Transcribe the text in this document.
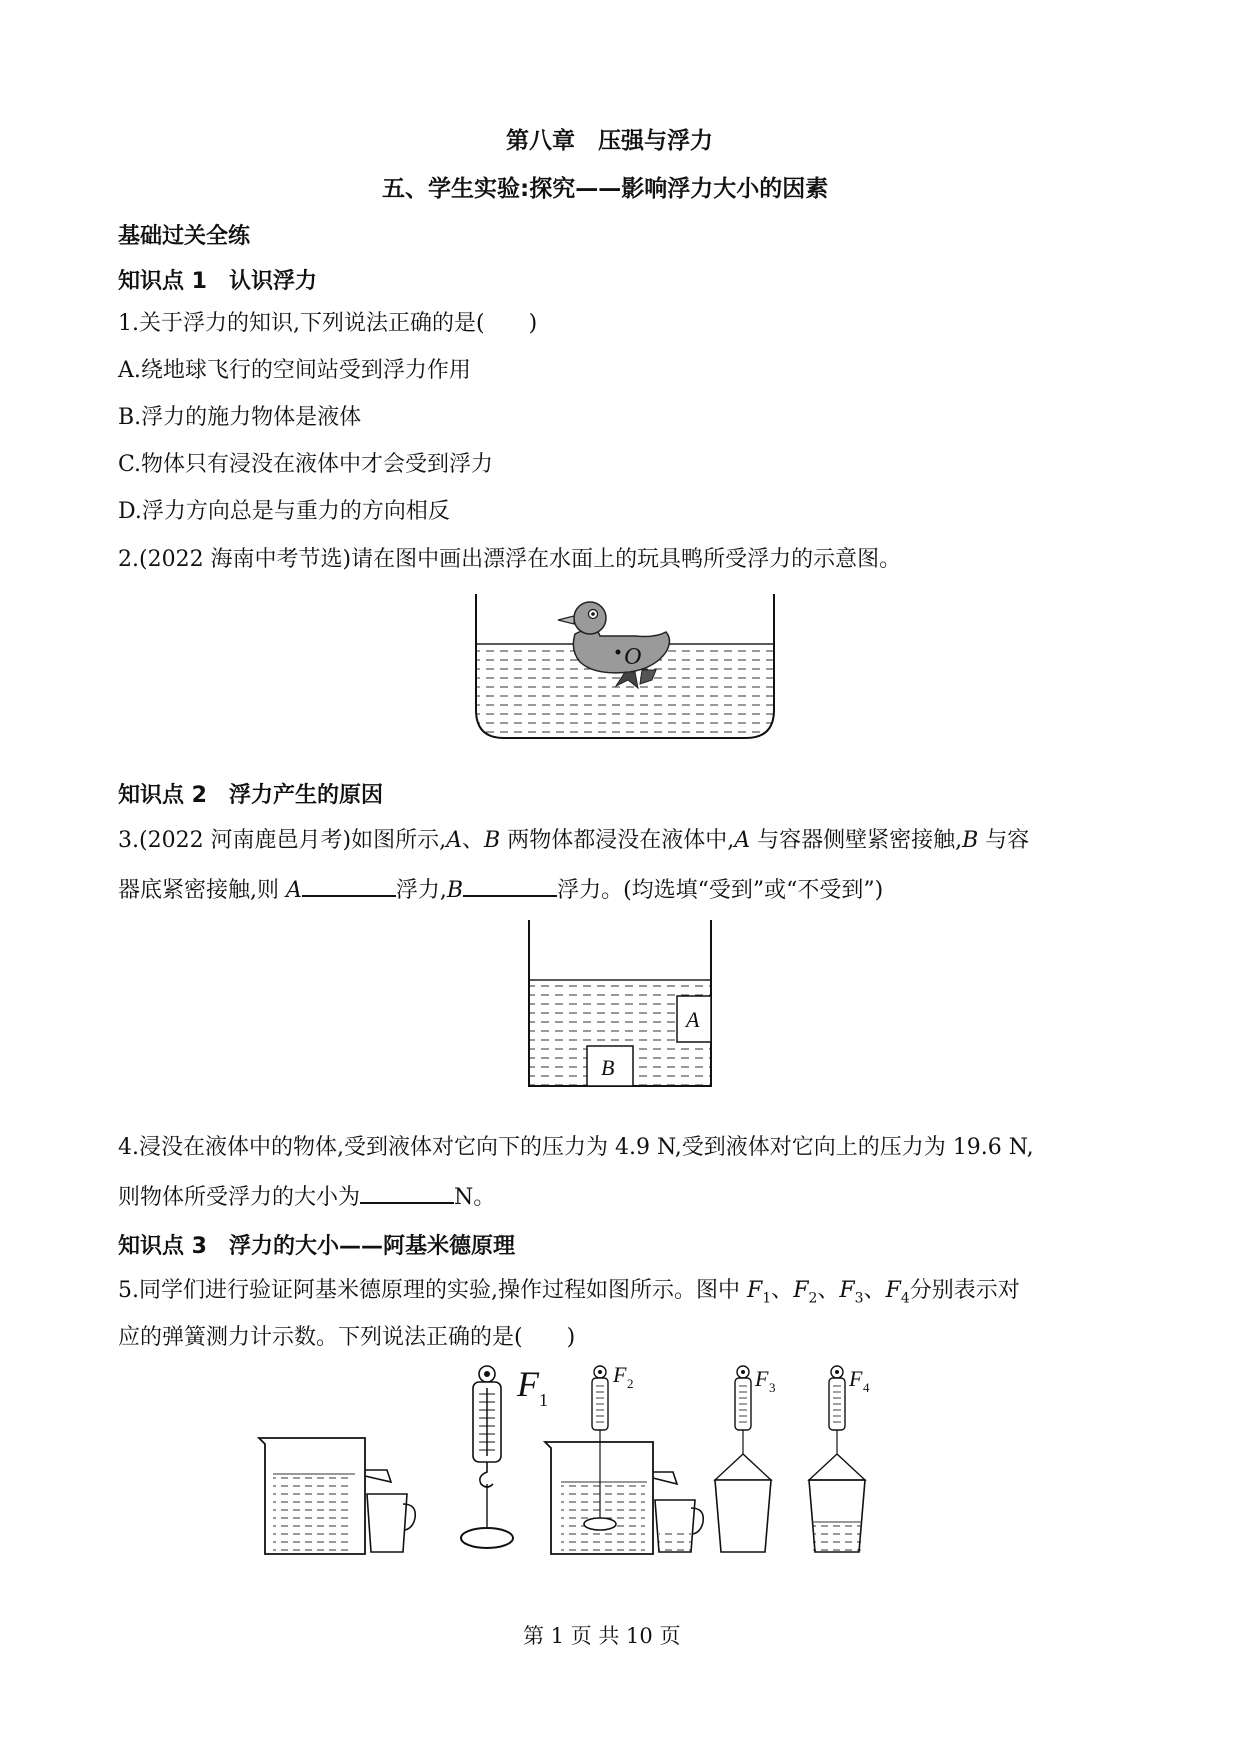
第八章　压强与浮力
五、学生实验:探究——影响浮力大小的因素
基础过关全练
知识点 1　认识浮力
1.关于浮力的知识,下列说法正确的是(　　)
A.绕地球飞行的空间站受到浮力作用
B.浮力的施力物体是液体
C.物体只有浸没在液体中才会受到浮力
D.浮力方向总是与重力的方向相反
2.(2022 海南中考节选)请在图中画出漂浮在水面上的玩具鸭所受浮力的示意图。
O
知识点 2　浮力产生的原因
3.(2022 河南鹿邑月考)如图所示,A、B 两物体都浸没在液体中,A 与容器侧壁紧密接触,B 与容
器底紧密接触,则 A	浮力,B	浮力。(均选填“受到”或“不受到”)
A
B
4.浸没在液体中的物体,受到液体对它向下的压力为 4.9 N,受到液体对它向上的压力为 19.6 N,
则物体所受浮力的大小为	N。
知识点 3　浮力的大小——阿基米德原理
5.同学们进行验证阿基米德原理的实验,操作过程如图所示。图中 $F_1$、$F_2$、$F_3$、$F_4$分别表示对
应的弹簧测力计示数。下列说法正确的是(　　)
F 1
F 2	F 3	F 4
第 1 页 共 10 页
